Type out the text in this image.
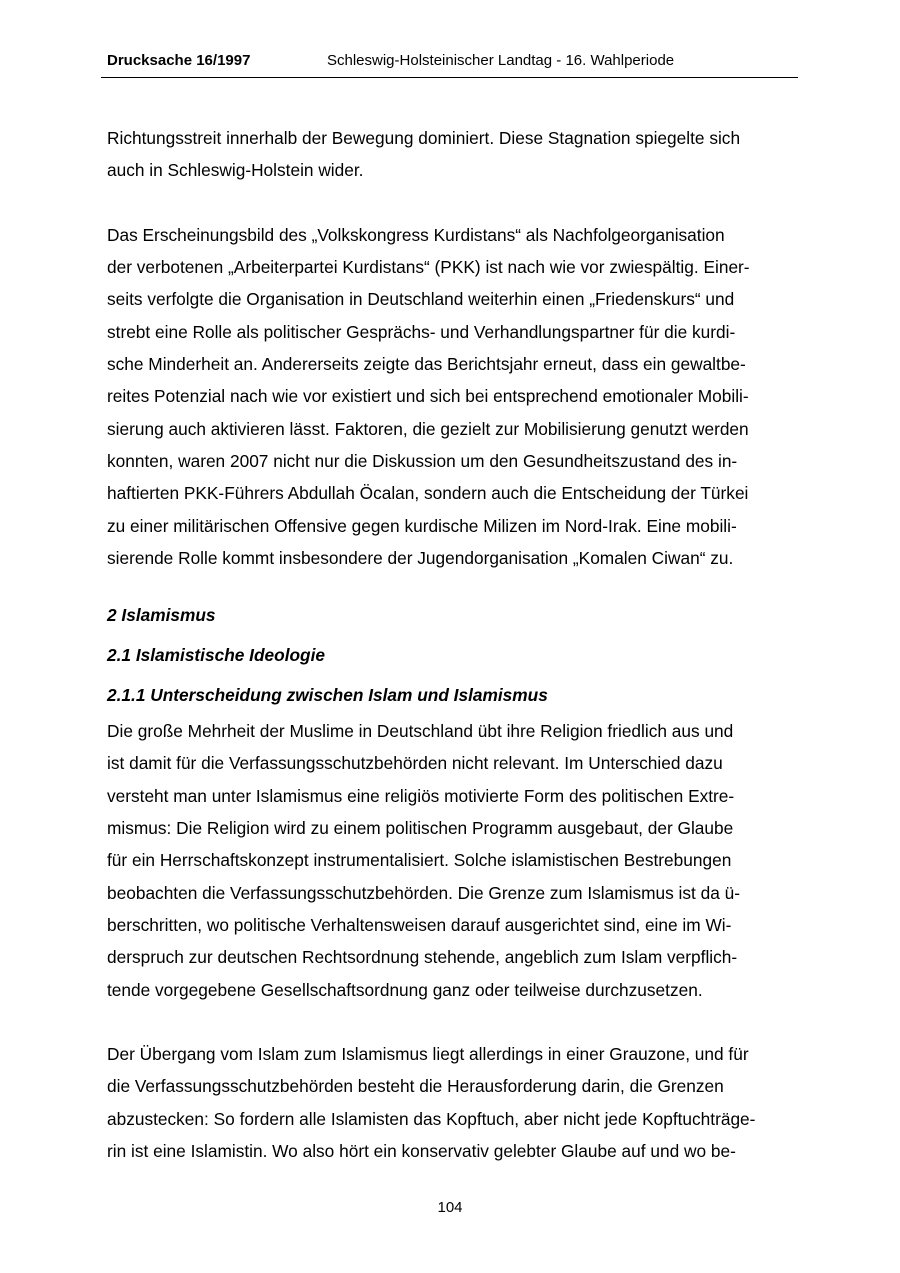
Drucksache 16/1997	Schleswig-Holsteinischer Landtag - 16. Wahlperiode
Richtungsstreit innerhalb der Bewegung dominiert. Diese Stagnation spiegelte sich
auch in Schleswig-Holstein wider.
Das Erscheinungsbild des „Volkskongress Kurdistans“ als Nachfolgeorganisation
der verbotenen „Arbeiterpartei Kurdistans“ (PKK) ist nach wie vor zwiespältig. Einer-
seits verfolgte die Organisation in Deutschland weiterhin einen „Friedenskurs“ und
strebt eine Rolle als politischer Gesprächs- und Verhandlungspartner für die kurdi-
sche Minderheit an. Andererseits zeigte das Berichtsjahr erneut, dass ein gewaltbe-
reites Potenzial nach wie vor existiert und sich bei entsprechend emotionaler Mobili-
sierung auch aktivieren lässt. Faktoren, die gezielt zur Mobilisierung genutzt werden
konnten, waren 2007 nicht nur die Diskussion um den Gesundheitszustand des in-
haftierten PKK-Führers Abdullah Öcalan, sondern auch die Entscheidung der Türkei
zu einer militärischen Offensive gegen kurdische Milizen im Nord-Irak. Eine mobili-
sierende Rolle kommt insbesondere der Jugendorganisation „Komalen Ciwan“ zu.
2 Islamismus
2.1 Islamistische Ideologie
2.1.1 Unterscheidung zwischen Islam und Islamismus
Die große Mehrheit der Muslime in Deutschland übt ihre Religion friedlich aus und
ist damit für die Verfassungsschutzbehörden nicht relevant. Im Unterschied dazu
versteht man unter Islamismus eine religiös motivierte Form des politischen Extre-
mismus: Die Religion wird zu einem politischen Programm ausgebaut, der Glaube
für ein Herrschaftskonzept instrumentalisiert. Solche islamistischen Bestrebungen
beobachten die Verfassungsschutzbehörden. Die Grenze zum Islamismus ist da ü-
berschritten, wo politische Verhaltensweisen darauf ausgerichtet sind, eine im Wi-
derspruch zur deutschen Rechtsordnung stehende, angeblich zum Islam verpflich-
tende vorgegebene Gesellschaftsordnung ganz oder teilweise durchzusetzen.
Der Übergang vom Islam zum Islamismus liegt allerdings in einer Grauzone, und für
die Verfassungsschutzbehörden besteht die Herausforderung darin, die Grenzen
abzustecken: So fordern alle Islamisten das Kopftuch, aber nicht jede Kopftuchträge-
rin ist eine Islamistin. Wo also hört ein konservativ gelebter Glaube auf und wo be-
104
